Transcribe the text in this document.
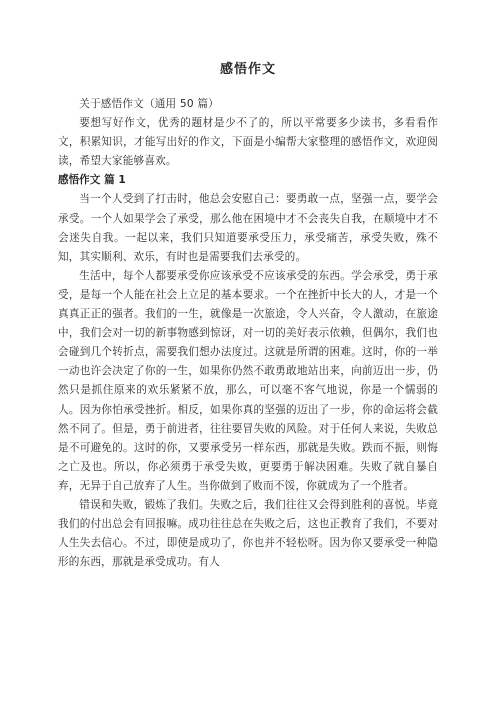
感悟作文

关于感悟作文（通用 50 篇）

要想写好作文，优秀的题材是少不了的，所以平常要多少读书，多看看作文，积累知识，才能写出好的作文，下面是小编帮大家整理的感悟作文，欢迎阅读，希望大家能够喜欢。

感悟作文 篇 1

当一个人受到了打击时，他总会安慰自己：要勇敢一点，坚强一点，要学会承受。一个人如果学会了承受，那么他在困境中才不会丧失自我，在顺境中才不会迷失自我。一起以来，我们只知道要承受压力，承受痛苦，承受失败，殊不知，其实顺利、欢乐，有时也是需要我们去承受的。

生活中，每个人都要承受你应该承受不应该承受的东西。学会承受，勇于承受，是每一个人能在社会上立足的基本要求。一个在挫折中长大的人，才是一个真真正正的强者。我们的一生，就像是一次旅途，令人兴奋，令人激动，在旅途中，我们会对一切的新事物感到惊讶，对一切的美好表示依赖，但偶尔，我们也会碰到几个转折点，需要我们想办法度过。这就是所谓的困难。这时，你的一举一动也许会决定了你的一生，如果你仍然不敢勇敢地站出来，向前迈出一步，仍然只是抓住原来的欢乐紧紧不放，那么，可以毫不客气地说，你是一个懦弱的人。因为你怕承受挫折。相反，如果你真的坚强的迈出了一步，你的命运将会截然不同了。但是，勇于前进者，往往要冒失败的风险。对于任何人来说，失败总是不可避免的。这时的你，又要承受另一样东西，那就是失败。跌而不振，则悔之亡及也。所以，你必须勇于承受失败，更要勇于解决困难。失败了就自暴自弃，无异于自己放弃了人生。当你做到了败而不馁，你就成为了一个胜者。

错误和失败，锻炼了我们。失败之后，我们往往又会得到胜利的喜悦。毕竟我们的付出总会有回报嘛。成功往往总在失败之后，这也正教育了我们，不要对人生失去信心。不过，即使是成功了，你也并不轻松呀。因为你又要承受一种隐形的东西，那就是承受成功。有人
